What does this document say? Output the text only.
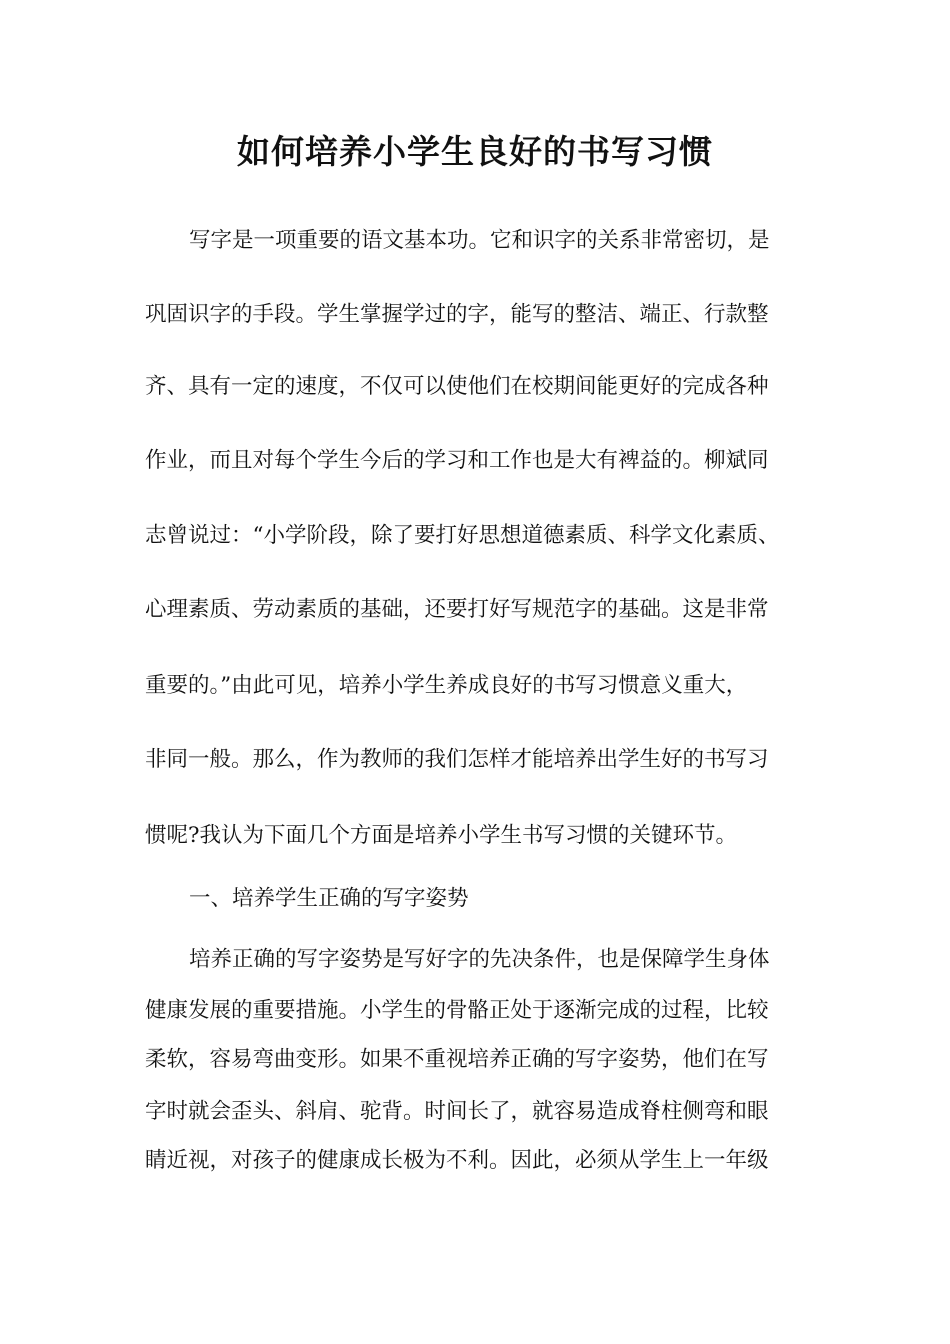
如何培养小学生良好的书写习惯
写字是一项重要的语文基本功。它和识字的关系非常密切，是
巩固识字的手段。学生掌握学过的字，能写的整洁、端正、行款整
齐、具有一定的速度，不仅可以使他们在校期间能更好的完成各种
作业，而且对每个学生今后的学习和工作也是大有裨益的。柳斌同
志曾说过：“小学阶段，除了要打好思想道德素质、科学文化素质、
心理素质、劳动素质的基础，还要打好写规范字的基础。这是非常
重要的。”由此可见，培养小学生养成良好的书写习惯意义重大，
非同一般。那么，作为教师的我们怎样才能培养出学生好的书写习
惯呢?我认为下面几个方面是培养小学生书写习惯的关键环节。
一、培养学生正确的写字姿势
培养正确的写字姿势是写好字的先决条件，也是保障学生身体
健康发展的重要措施。小学生的骨骼正处于逐渐完成的过程，比较
柔软，容易弯曲变形。如果不重视培养正确的写字姿势，他们在写
字时就会歪头、斜肩、驼背。时间长了，就容易造成脊柱侧弯和眼
睛近视，对孩子的健康成长极为不利。因此，必须从学生上一年级
